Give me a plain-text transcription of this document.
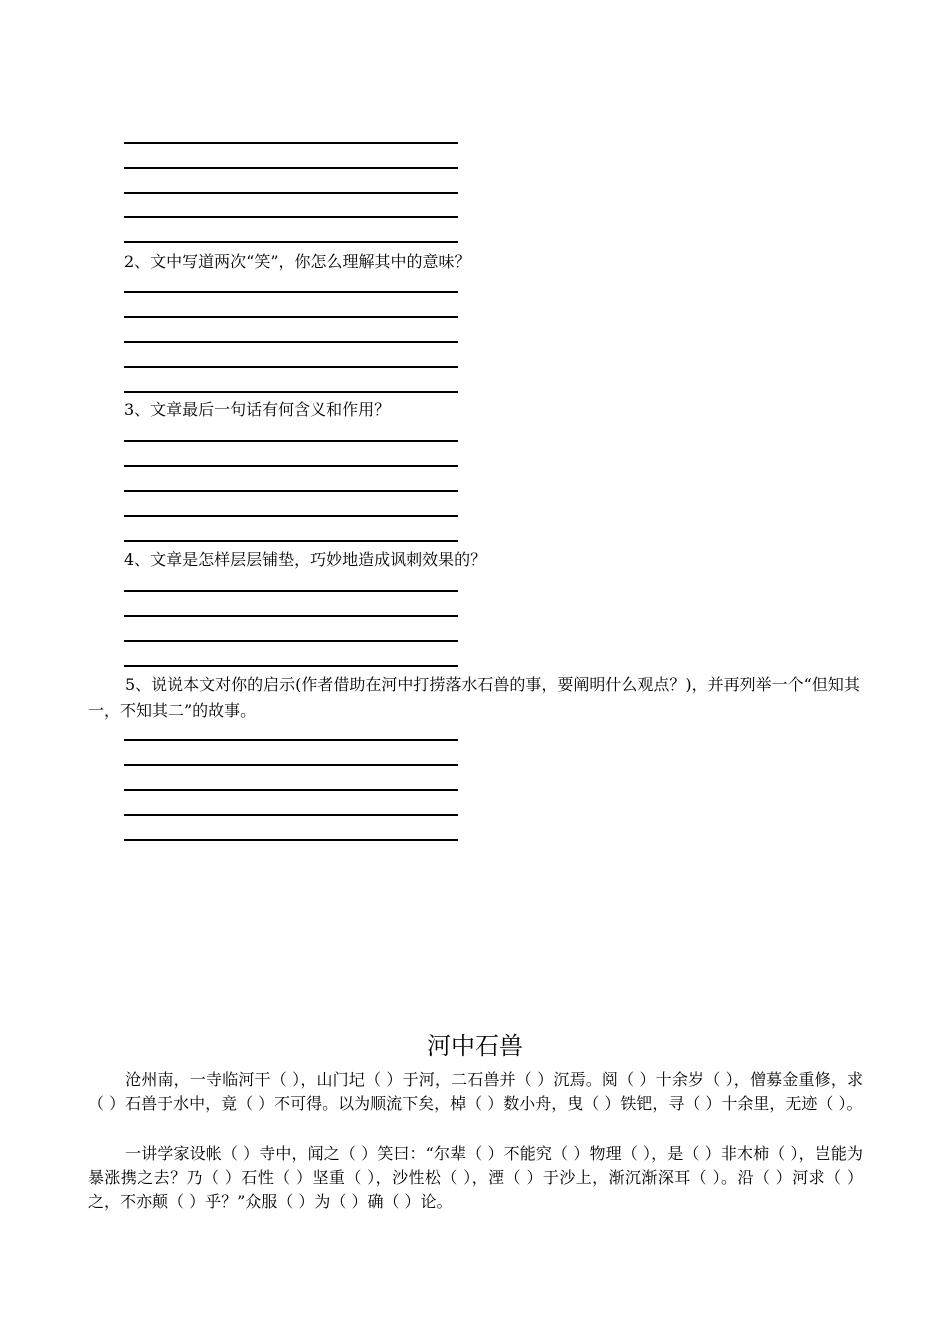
2、文中写道两次“笑”，你怎么理解其中的意味？
3、文章最后一句话有何含义和作用？
4、文章是怎样层层铺垫，巧妙地造成讽刺效果的？
5、说说本文对你的启示(作者借助在河中打捞落水石兽的事，要阐明什么观点？)，并再列举一个“但知其一，不知其二”的故事。
河中石兽
沧州南，一寺临河干（ ），山门圮（ ）于河，二石兽并（ ）沉焉。阅（ ）十余岁（ ），僧募金重修，求（ ）石兽于水中，竟（ ）不可得。以为顺流下矣，棹（ ）数小舟，曳（ ）铁钯，寻（ ）十余里，无迹（ ）。
一讲学家设帐（ ）寺中，闻之（ ）笑曰：“尔辈（ ）不能究（ ）物理（ ），是（ ）非木柿（ ），岂能为暴涨携之去？乃（ ）石性（ ）坚重（ ），沙性松（ ），湮（ ）于沙上，渐沉渐深耳（ ）。沿（ ）河求（ ）之，不亦颠（ ）乎？”众服（ ）为（ ）确（ ）论。
